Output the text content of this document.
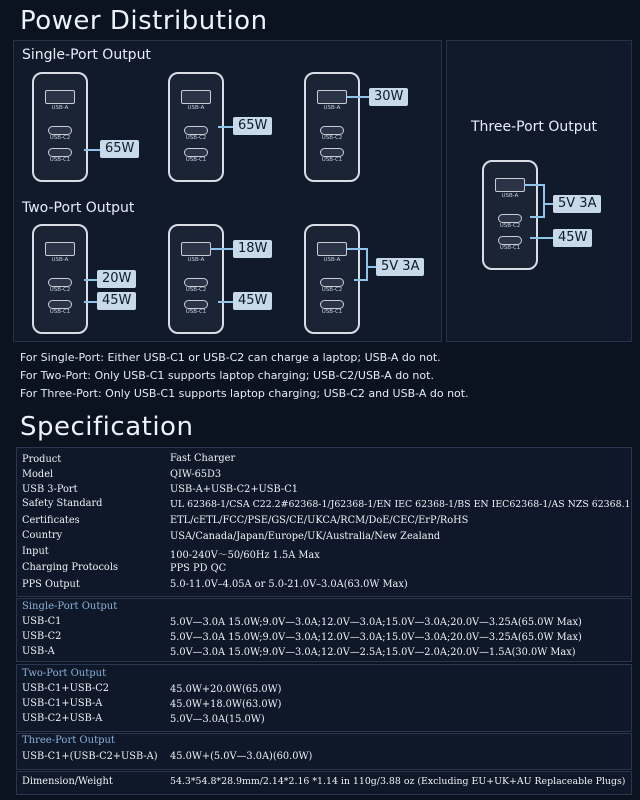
Power Distribution
Single-Port Output
Two-Port Output
Three-Port Output
USB-A
USB-C2
USB-C1
65W
USB-A
USB-C2
USB-C1
65W
USB-A
USB-C2
USB-C1
30W
USB-A
USB-C2
USB-C1
20W
45W
USB-A
USB-C2
USB-C1
18W
45W
USB-A
USB-C2
USB-C1
5V 3A
USB-A
USB-C2
USB-C1
5V 3A
45W
For Single-Port: Either USB-C1 or USB-C2 can charge a laptop; USB-A do not.
For Two-Port: Only USB-C1 supports laptop charging; USB-C2/USB-A do not.
For Three-Port: Only USB-C1 supports laptop charging; USB-C2 and USB-A do not.
Specification
Product	Fast Charger
Model	QIW-65D3
USB 3-Port	USB-A+USB-C2+USB-C1
Safety Standard	UL 62368-1/CSA C22.2#62368-1/J62368-1/EN IEC 62368-1/BS EN IEC62368-1/AS NZS 62368.1
Certificates	ETL/cETL/FCC/PSE/GS/CE/UKCA/RCM/DoE/CEC/ErP/RoHS
Country	USA/Canada/Japan/Europe/UK/Australia/New Zealand
Input	100-240V〜50/60Hz 1.5A Max
Charging Protocols	PPS PD QC
PPS Output	5.0-11.0V–4.05A or 5.0-21.0V–3.0A(63.0W Max)
Single-Port Output
USB-C1	5.0V—3.0A 15.0W;9.0V—3.0A;12.0V—3.0A;15.0V—3.0A;20.0V—3.25A(65.0W Max)
USB-C2	5.0V—3.0A 15.0W;9.0V—3.0A;12.0V—3.0A;15.0V—3.0A;20.0V—3.25A(65.0W Max)
USB-A	5.0V—3.0A 15.0W;9.0V—3.0A;12.0V—2.5A;15.0V—2.0A;20.0V—1.5A(30.0W Max)
Two-Port Output
USB-C1+USB-C2	45.0W+20.0W(65.0W)
USB-C1+USB-A	45.0W+18.0W(63.0W)
USB-C2+USB-A	5.0V—3.0A(15.0W)
Three-Port Output
USB-C1+(USB-C2+USB-A) 45.0W+(5.0V—3.0A)(60.0W)
Dimension/Weight	54.3*54.8*28.9mm/2.14*2.16 *1.14 in 110g/3.88 oz (Excluding EU+UK+AU Replaceable Plugs)
